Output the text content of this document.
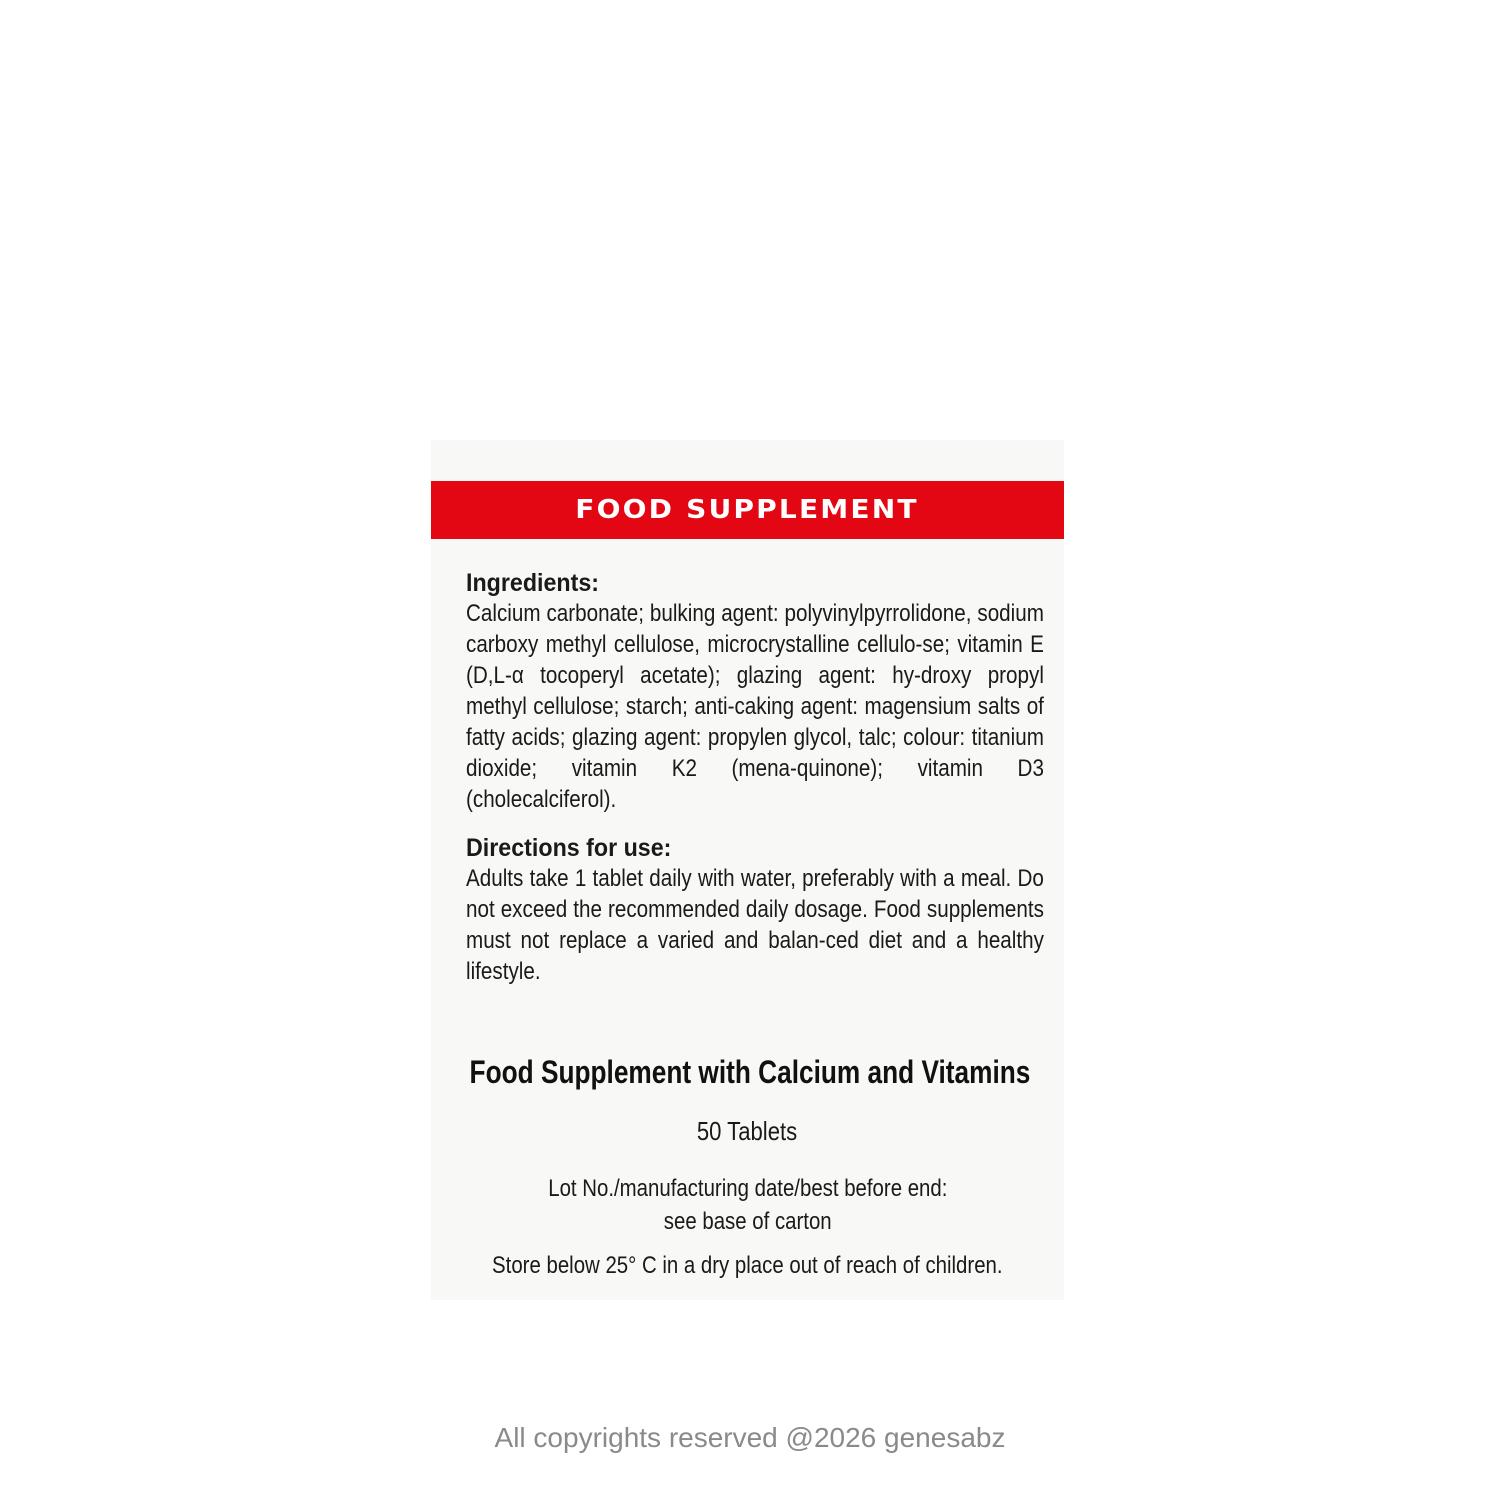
FOOD SUPPLEMENT

Ingredients:

Calcium carbonate; bulking agent: polyvinylpyrrolidone, sodium carboxy methyl cellulose, microcrystalline cellulo-se; vitamin E (D,L-α tocoperyl acetate); glazing agent: hy-droxy propyl methyl cellulose; starch; anti-caking agent: magensium salts of fatty acids; glazing agent: propylen glycol, talc; colour: titanium dioxide; vitamin K2 (mena-quinone); vitamin D3 (cholecalciferol).

Directions for use:

Adults take 1 tablet daily with water, preferably with a meal. Do not exceed the recommended daily dosage. Food supplements must not replace a varied and balan-ced diet and a healthy lifestyle.

Food Supplement with Calcium and Vitamins
50 Tablets
Lot No./manufacturing date/best before end:
see base of carton
Store below 25° C in a dry place out of reach of children.
All copyrights reserved @2026 genesabz
